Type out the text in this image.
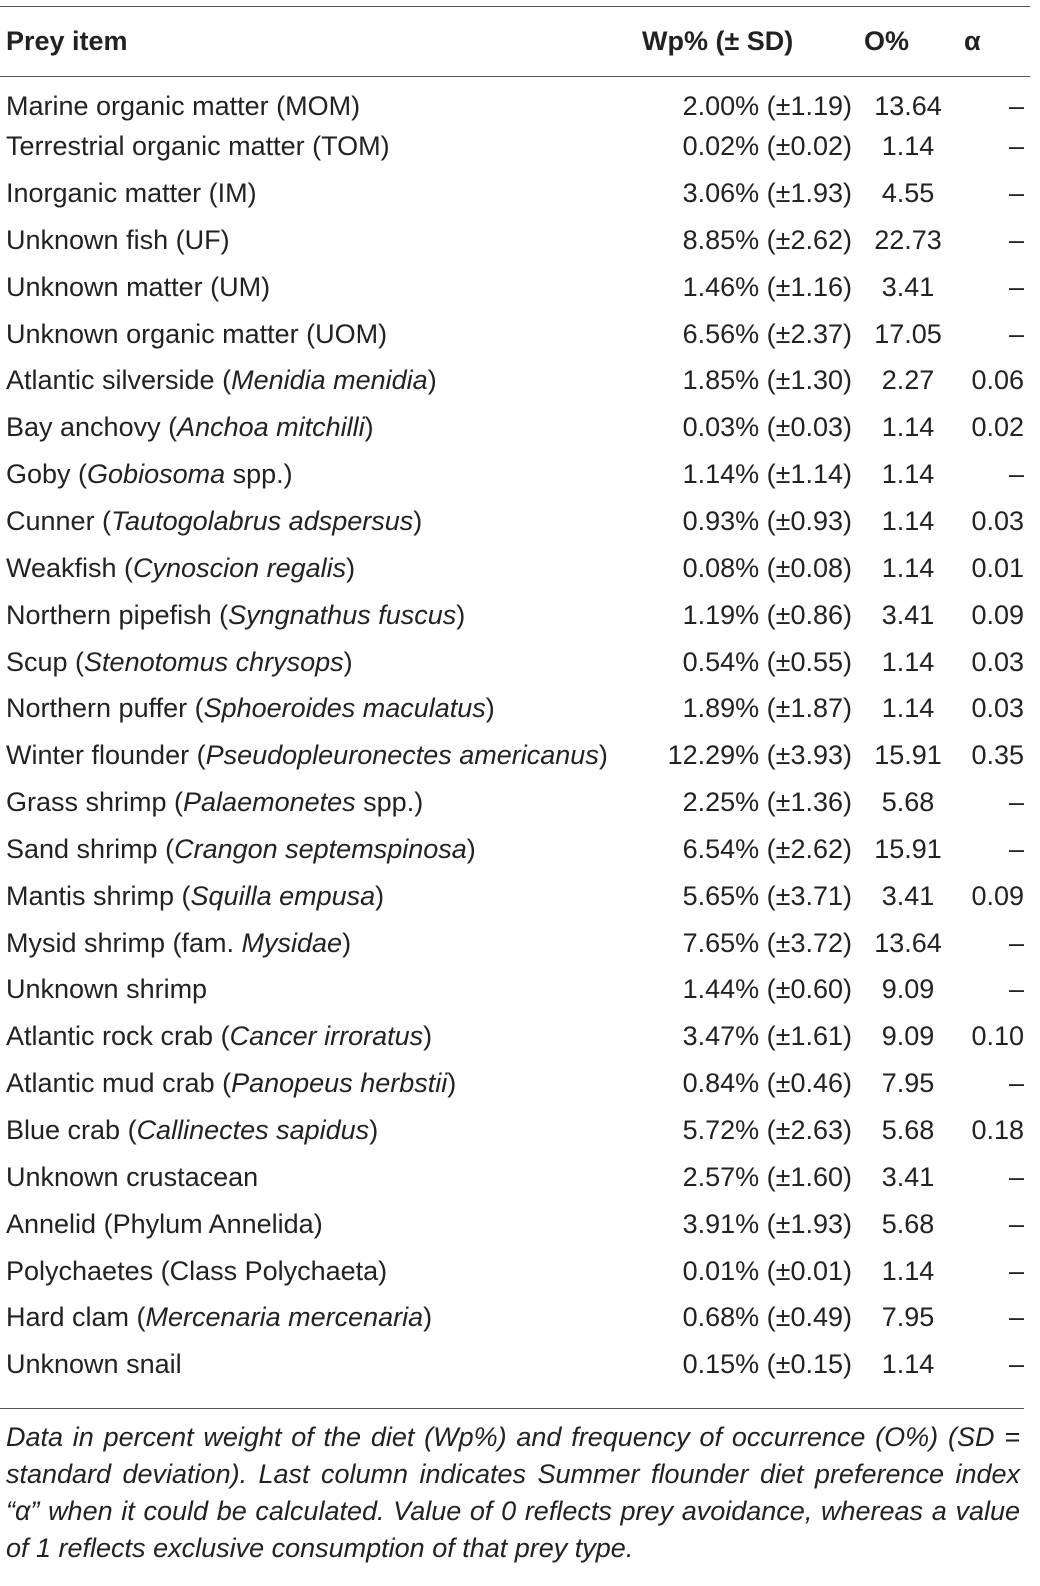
Prey item	Wp% (± SD)	O%	α
Marine organic matter (MOM)	2.00% (±1.19)	13.64	–
Terrestrial organic matter (TOM)	0.02% (±0.02)	1.14	–
Inorganic matter (IM)	3.06% (±1.93)	4.55	–
Unknown fish (UF)	8.85% (±2.62)	22.73	–
Unknown matter (UM)	1.46% (±1.16)	3.41	–
Unknown organic matter (UOM)	6.56% (±2.37)	17.05	–
Atlantic silverside (Menidia menidia)	1.85% (±1.30)	2.27	0.06
Bay anchovy (Anchoa mitchilli)	0.03% (±0.03)	1.14	0.02
Goby (Gobiosoma spp.)	1.14% (±1.14)	1.14	–
Cunner (Tautogolabrus adspersus)	0.93% (±0.93)	1.14	0.03
Weakfish (Cynoscion regalis)	0.08% (±0.08)	1.14	0.01
Northern pipefish (Syngnathus fuscus)	1.19% (±0.86)	3.41	0.09
Scup (Stenotomus chrysops)	0.54% (±0.55)	1.14	0.03
Northern puffer (Sphoeroides maculatus)	1.89% (±1.87)	1.14	0.03
Winter flounder (Pseudopleuronectes americanus)	12.29% (±3.93)	15.91	0.35
Grass shrimp (Palaemonetes spp.)	2.25% (±1.36)	5.68	–
Sand shrimp (Crangon septemspinosa)	6.54% (±2.62)	15.91	–
Mantis shrimp (Squilla empusa)	5.65% (±3.71)	3.41	0.09
Mysid shrimp (fam. Mysidae)	7.65% (±3.72)	13.64	–
Unknown shrimp	1.44% (±0.60)	9.09	–
Atlantic rock crab (Cancer irroratus)	3.47% (±1.61)	9.09	0.10
Atlantic mud crab (Panopeus herbstii)	0.84% (±0.46)	7.95	–
Blue crab (Callinectes sapidus)	5.72% (±2.63)	5.68	0.18
Unknown crustacean	2.57% (±1.60)	3.41	–
Annelid (Phylum Annelida)	3.91% (±1.93)	5.68	–
Polychaetes (Class Polychaeta)	0.01% (±0.01)	1.14	–
Hard clam (Mercenaria mercenaria)	0.68% (±0.49)	7.95	–
Unknown snail	0.15% (±0.15)	1.14	–
Data in percent weight of the diet (Wp%) and frequency of occurrence (O%) (SD = standard deviation). Last column indicates Summer flounder diet preference index “α” when it could be calculated. Value of 0 reflects prey avoidance, whereas a value of 1 reflects exclusive consumption of that prey type.
